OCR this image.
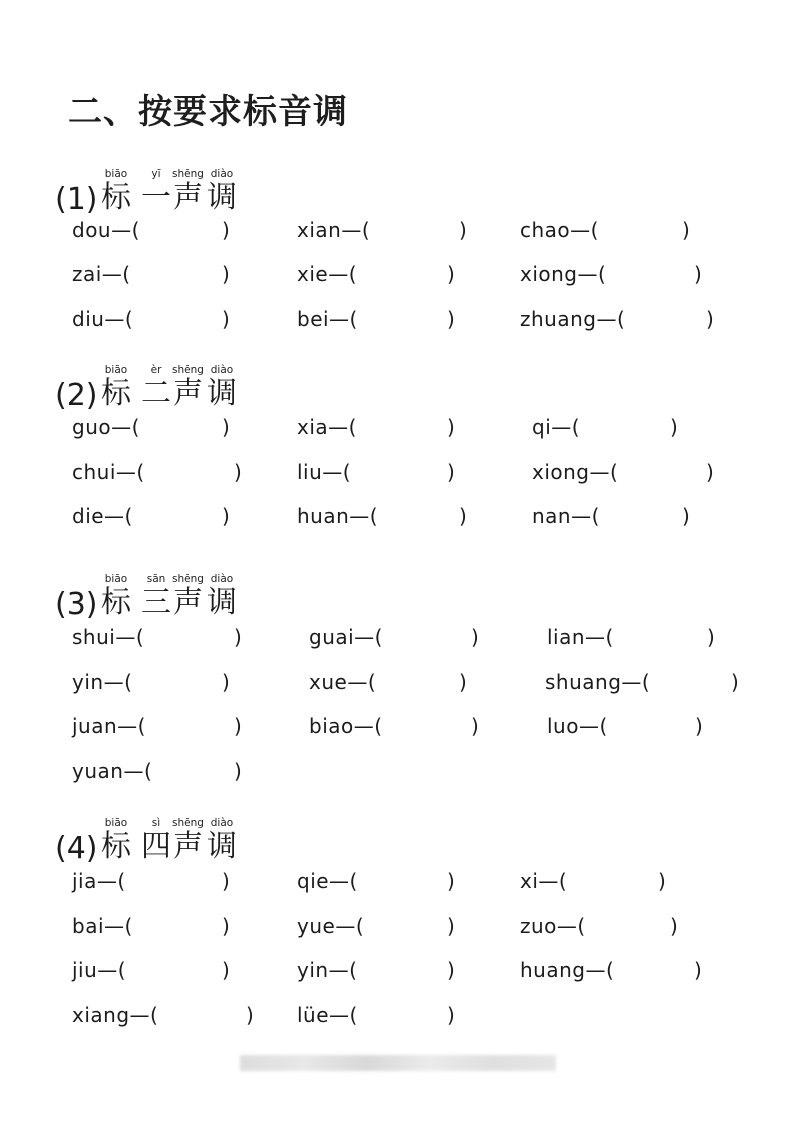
二、按要求标音调
(1)
biāo
标
yī
一
shēng
声
diào
调
dou—(	)	xian—(	)	chao—(	)
zai—(	)	xie—(	)	xiong—(	)
diu—(	)	bei—(	)	zhuang—(	)
(2)
biāo
标
èr
二
shēng
声
diào
调
guo—(	)	xia—(	)	qi—(	)
chui—(	)	liu—(	)	xiong—(	)
die—(	)	huan—(	)	nan—(	)
(3)
biāo
标
sān
三
shēng
声
diào
调
shui—(	)	guai—(	)	lian—(	)
yin—(	)	xue—(	)	shuang—(	)
juan—(	)	biao—(	)	luo—(	)
yuan—(	)
(4)
biāo
标
sì
四
shēng
声
diào
调
jia—(	)	qie—(	)	xi—(	)
bai—(	)	yue—(	)	zuo—(	)
jiu—(	)	yin—(	)	huang—(	)
xiang—(	) lüe—(	)
